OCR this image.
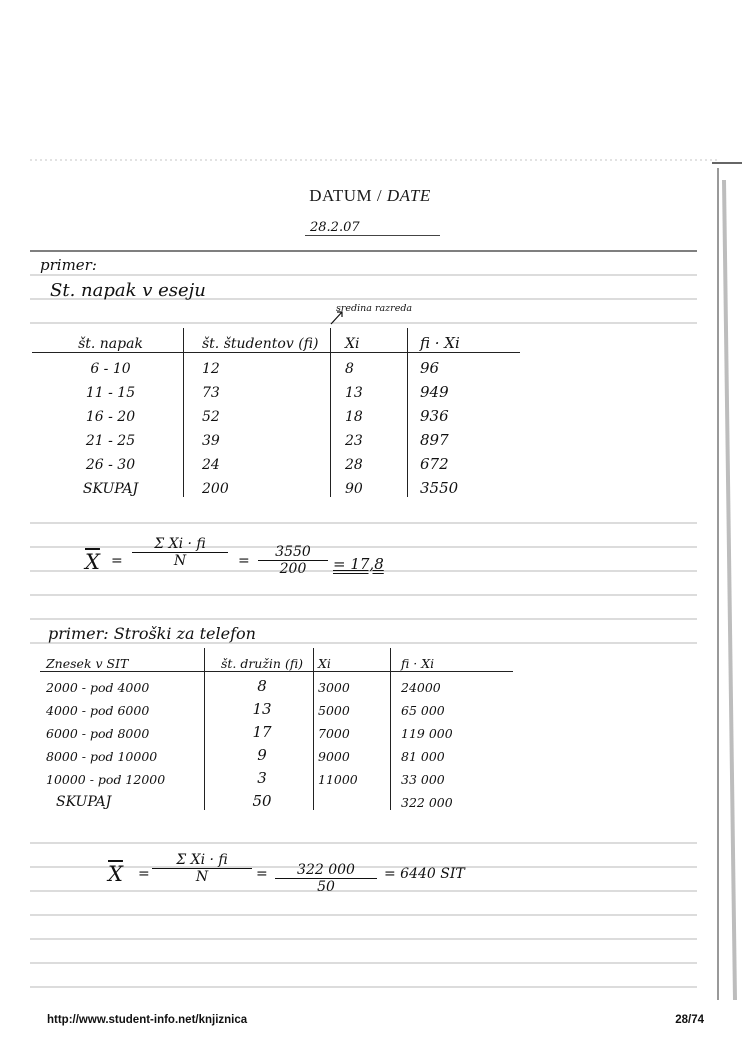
DATUM / DATE
28.2.07
primer:
St. napak v eseju
sredina razreda
št. napak	št. študentov (fi)	Xi	fi · Xi
6 - 10	12	8	96
11 - 15	73	13	949
16 - 20	52	18	936
21 - 25	39	23	897
26 - 30	24	28	672
SKUPAJ	200	90	3550
$\overline{X} = \frac{\text{Σ Xi · fi}}{N} = \frac{3550}{200} = 17,8$
primer: Stroški za telefon
Znesek v SIT	št. družin (fi)	Xi	fi · Xi
2000 - pod 4000	8	3000	24000
4000 - pod 6000	13	5000	65 000
6000 - pod 8000	17	7000	119 000
8000 - pod 10000	9	9000	81 000
10000 - pod 12000	3	11000	33 000
SKUPAJ	50		322 000
$\overline{X} = \frac{\text{Σ Xi · fi}}{N} = \frac{322 000}{50} = 6440$ SIT
http://www.student-info.net/knjiznica	28/74
